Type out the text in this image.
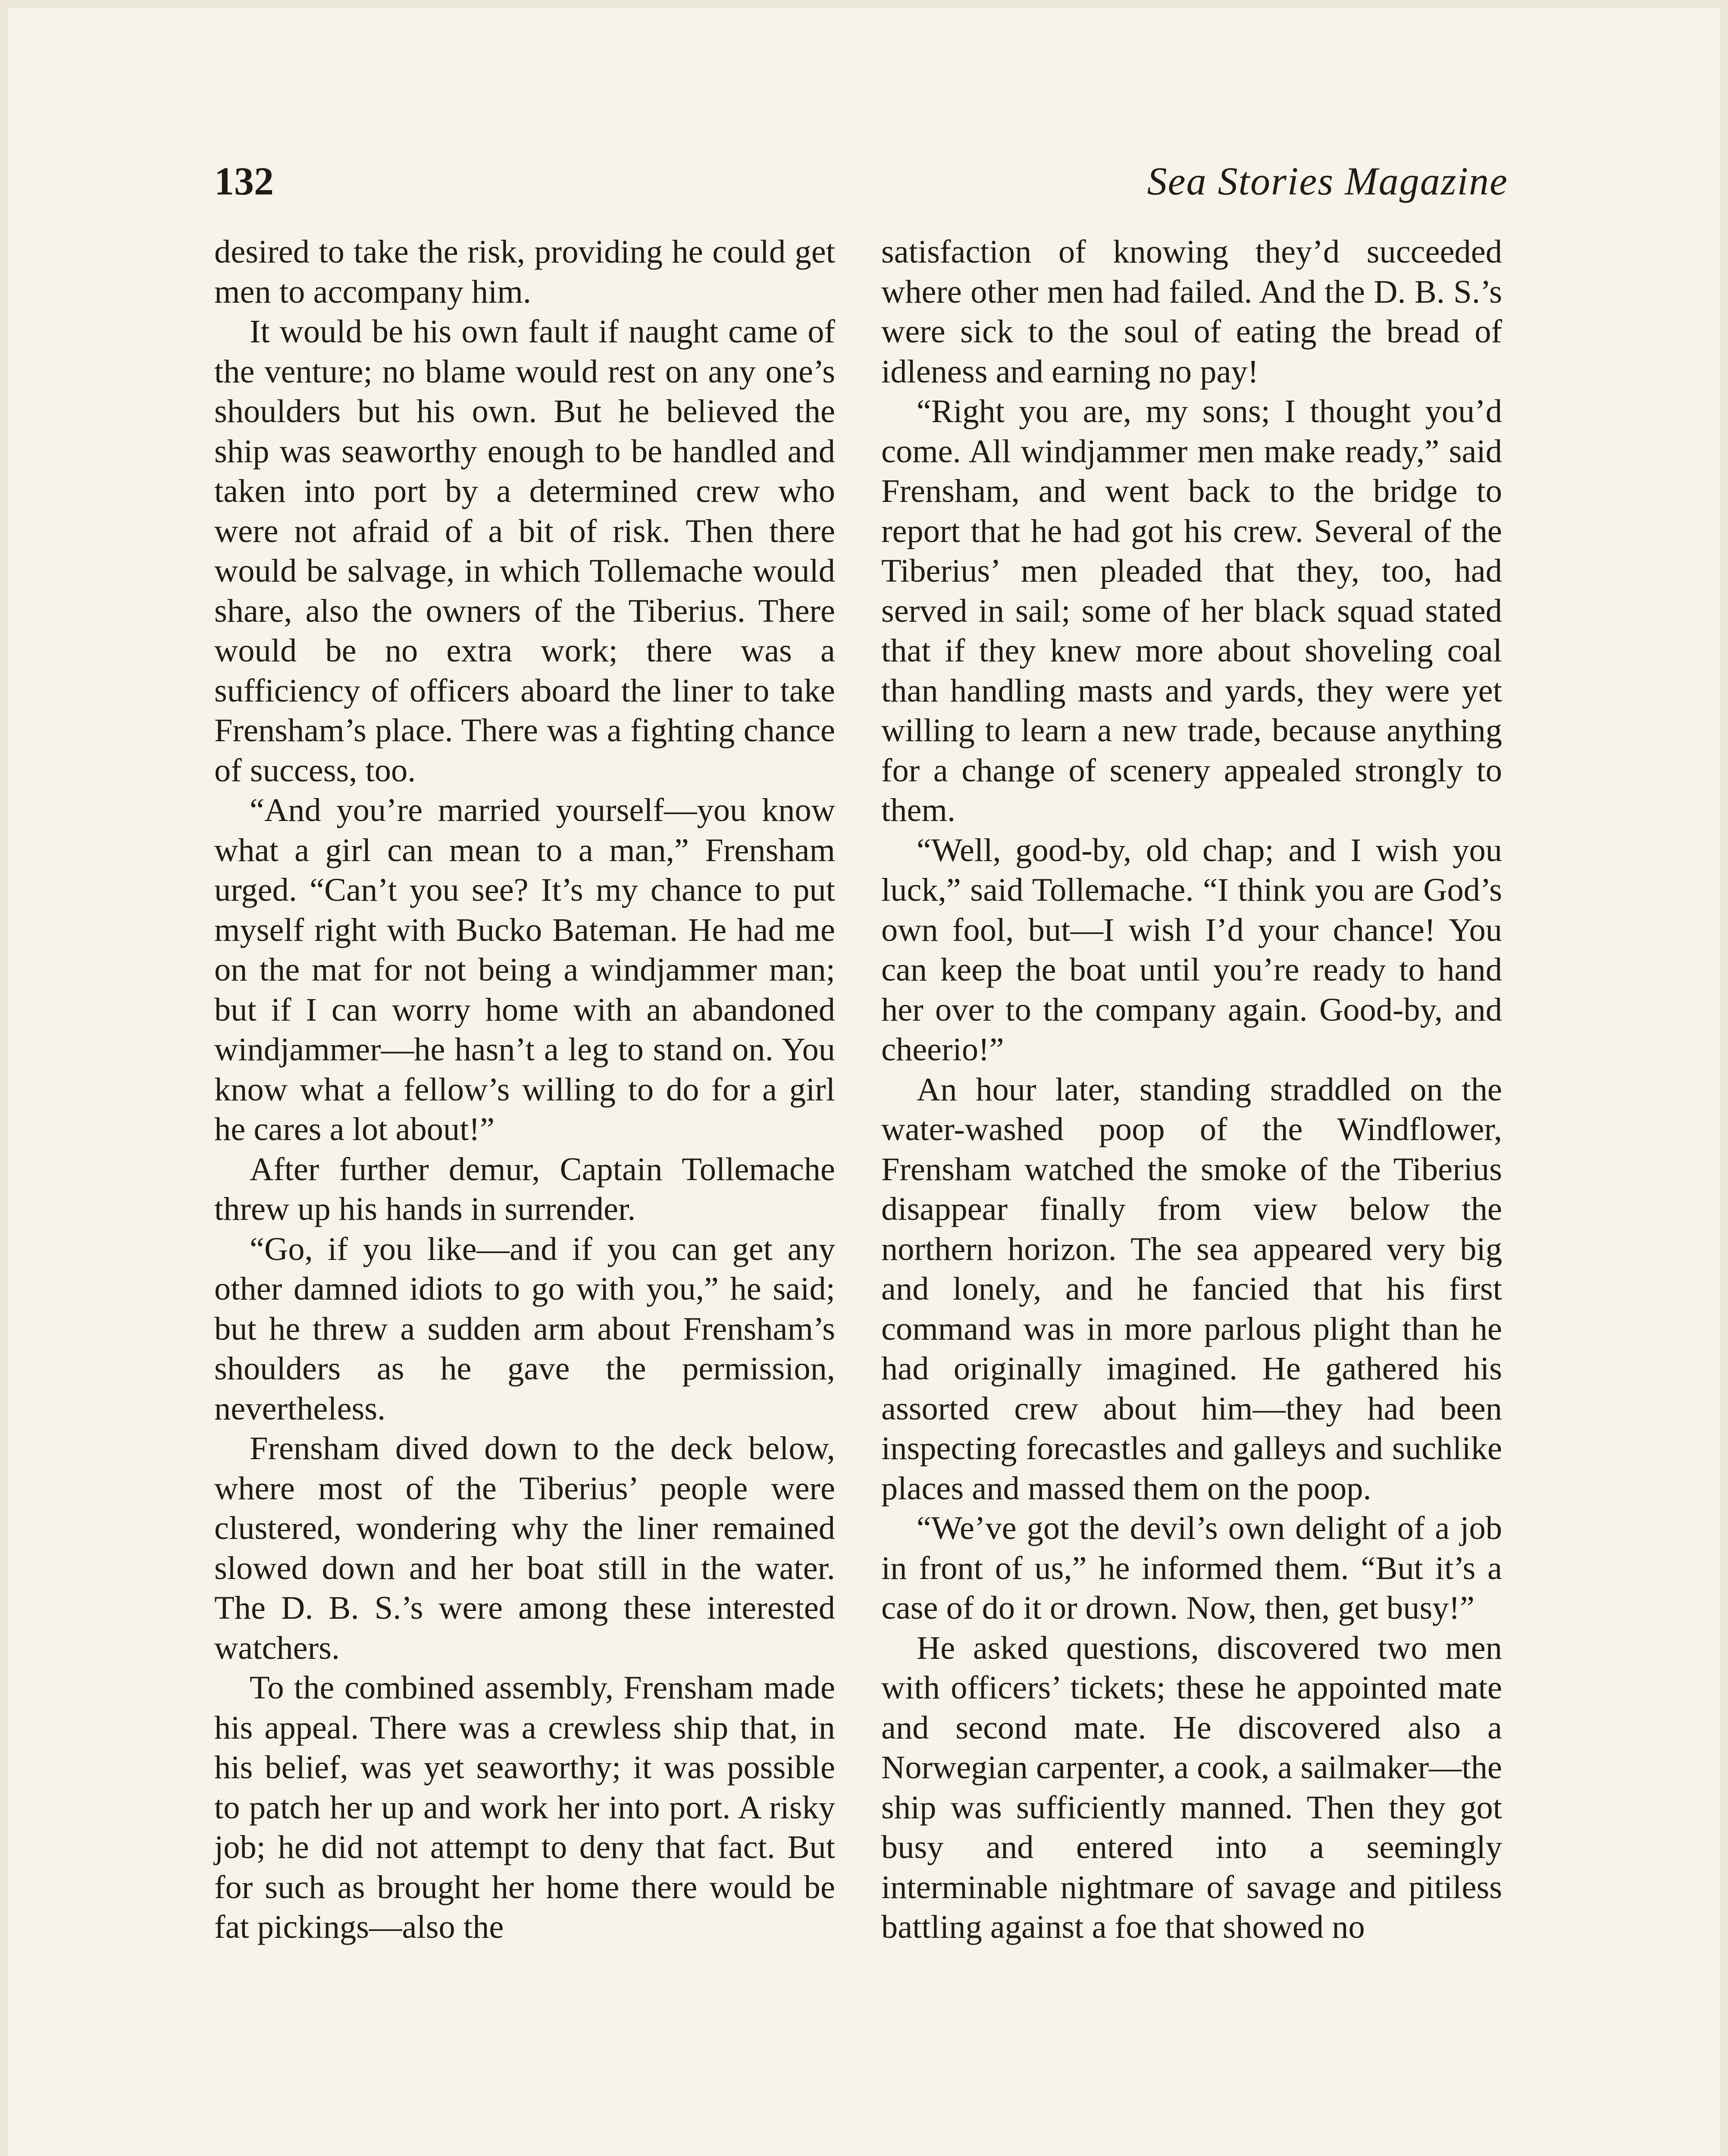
132	Sea Stories Magazine

desired to take the risk, providing he could get men to accompany him.

It would be his own fault if naught came of the venture; no blame would rest on any one’s shoulders but his own. But he believed the ship was seaworthy enough to be handled and taken into port by a determined crew who were not afraid of a bit of risk. Then there would be salvage, in which Tollemache would share, also the owners of the Tiberius. There would be no extra work; there was a sufficiency of officers aboard the liner to take Frensham’s place. There was a fighting chance of success, too.

“And you’re married yourself—you know what a girl can mean to a man,” Frensham urged. “Can’t you see? It’s my chance to put myself right with Bucko Bateman. He had me on the mat for not being a windjammer man; but if I can worry home with an abandoned windjammer—he hasn’t a leg to stand on. You know what a fellow’s willing to do for a girl he cares a lot about!”

After further demur, Captain Tollemache threw up his hands in surrender.

“Go, if you like—and if you can get any other damned idiots to go with you,” he said; but he threw a sudden arm about Frensham’s shoulders as he gave the permission, nevertheless.

Frensham dived down to the deck below, where most of the Tiberius’ people were clustered, wondering why the liner remained slowed down and her boat still in the water. The D. B. S.’s were among these interested watchers.

To the combined assembly, Frensham made his appeal. There was a crewless ship that, in his belief, was yet seaworthy; it was possible to patch her up and work her into port. A risky job; he did not attempt to deny that fact. But for such as brought her home there would be fat pickings—also the

satisfaction of knowing they’d succeeded where other men had failed. And the D. B. S.’s were sick to the soul of eating the bread of idleness and earning no pay!

“Right you are, my sons; I thought you’d come. All windjammer men make ready,” said Frensham, and went back to the bridge to report that he had got his crew. Several of the Tiberius’ men pleaded that they, too, had served in sail; some of her black squad stated that if they knew more about shoveling coal than handling masts and yards, they were yet willing to learn a new trade, because anything for a change of scenery appealed strongly to them.

“Well, good-by, old chap; and I wish you luck,” said Tollemache. “I think you are God’s own fool, but—I wish I’d your chance! You can keep the boat until you’re ready to hand her over to the company again. Good-by, and cheerio!”

An hour later, standing straddled on the water-washed poop of the Windflower, Frensham watched the smoke of the Tiberius disappear finally from view below the northern horizon. The sea appeared very big and lonely, and he fancied that his first command was in more parlous plight than he had originally imagined. He gathered his assorted crew about him—they had been inspecting forecastles and galleys and suchlike places and massed them on the poop.

“We’ve got the devil’s own delight of a job in front of us,” he informed them. “But it’s a case of do it or drown. Now, then, get busy!”

He asked questions, discovered two men with officers’ tickets; these he appointed mate and second mate. He discovered also a Norwegian carpenter, a cook, a sailmaker—the ship was sufficiently manned. Then they got busy and entered into a seemingly interminable nightmare of savage and pitiless battling against a foe that showed no
